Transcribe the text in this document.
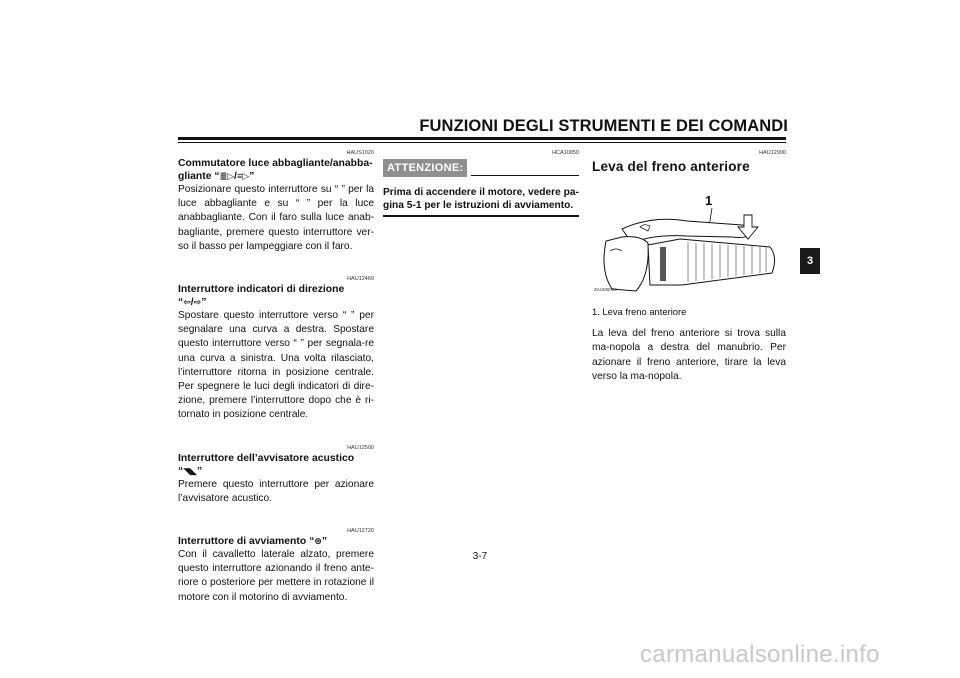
FUNZIONI DEGLI STRUMENTI E DEI COMANDI
3
HAUS1020
Commutatore luce abbagliante/anabba-
gliante “≣▷/≡▷”

Posizionare questo interruttore su “ ” per la luce abbagliante e su “ ” per la luce anabbagliante. Con il faro sulla luce anab-bagliante, premere questo interruttore ver-so il basso per lampeggiare con il faro.

HAU12460
Interruttore indicatori di direzione
“⇦/⇨”

Spostare questo interruttore verso “ ” per segnalare una curva a destra. Spostare questo interruttore verso “ ” per segnala-re una curva a sinistra. Una volta rilasciato, l’interruttore ritorna in posizione centrale. Per spegnere le luci degli indicatori di dire-zione, premere l’interruttore dopo che è ri-tornato in posizione centrale.

HAU12500
Interruttore dell’avvisatore acustico
“◥◣”

Premere questo interruttore per azionare l’avvisatore acustico.

HAU12720
Interruttore di avviamento “⊛”

Con il cavalletto laterale alzato, premere questo interruttore azionando il freno ante-riore o posteriore per mettere in rotazione il motore con il motorino di avviamento.

HCA10050
ATTENZIONE:
Prima di accendere il motore, vedere pa-gina 5-1 per le istruzioni di avviamento.
HAU12900
Leva del freno anteriore
1
ZAUM0084
1. Leva freno anteriore

La leva del freno anteriore si trova sulla ma-nopola a destra del manubrio. Per azionare il freno anteriore, tirare la leva verso la ma-nopola.

3-7
carmanualsonline.info
